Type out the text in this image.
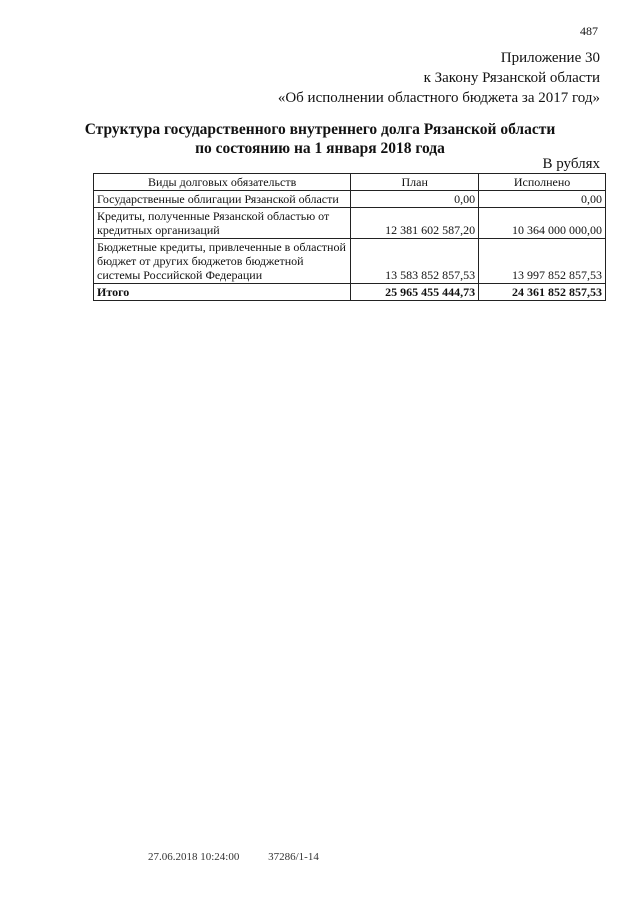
487
Приложение 30
к Закону Рязанской области
«Об исполнении областного бюджета за 2017 год»
Структура государственного внутреннего долга Рязанской области
по состоянию на 1 января 2018 года
В рублях
Виды долговых обязательств	План	Исполнено
Государственные облигации Рязанской области	0,00	0,00
Кредиты, полученные Рязанской областью от кредитных организаций	12 381 602 587,20	10 364 000 000,00
Бюджетные кредиты, привлеченные в областной бюджет от других бюджетов бюджетной системы Российской Федерации	13 583 852 857,53	13 997 852 857,53
Итого	25 965 455 444,73	24 361 852 857,53
27.06.2018 10:24:00	37286/1-14
